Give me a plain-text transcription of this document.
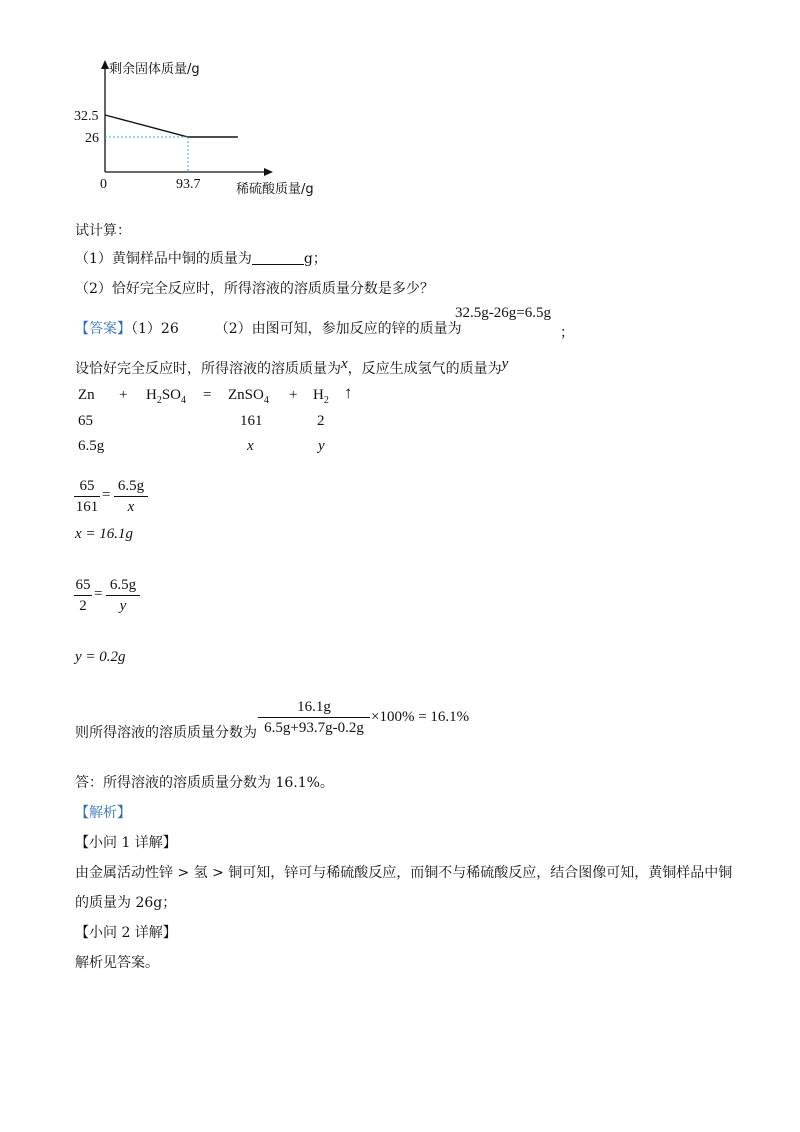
剩余固体质量/g
稀硫酸质量/g
0	93.7
32.5
26
试计算：
（1）黄铜样品中铜的质量为	g；
（2）恰好完全反应时，所得溶液的溶质质量分数是多少？
【答案】（1）26	（2）由图可知，参加反应的锌的质量为
32.5g-26g=6.5g
；
设恰好完全反应时，所得溶液的溶质质量为x，反应生成氢气的质量为y
$Zn + H_2SO_4$ = ZnSO$_4$ + $H_2$ ↑
65	161	2
6.5g	x	y
65
161
=
6.5g
x
x = 16.1g
65
2
=
6.5g
y
y = 0.2g
则所得溶液的溶质质量分数为
16.1g
6.5g+93.7g-0.2g
×100% = 16.1%
答：所得溶液的溶质质量分数为 16.1%。
【解析】
【小问 1 详解】
由金属活动性锌 > 氢 > 铜可知，锌可与稀硫酸反应，而铜不与稀硫酸反应，结合图像可知，黄铜样品中铜
的质量为 26g；
【小问 2 详解】
解析见答案。
